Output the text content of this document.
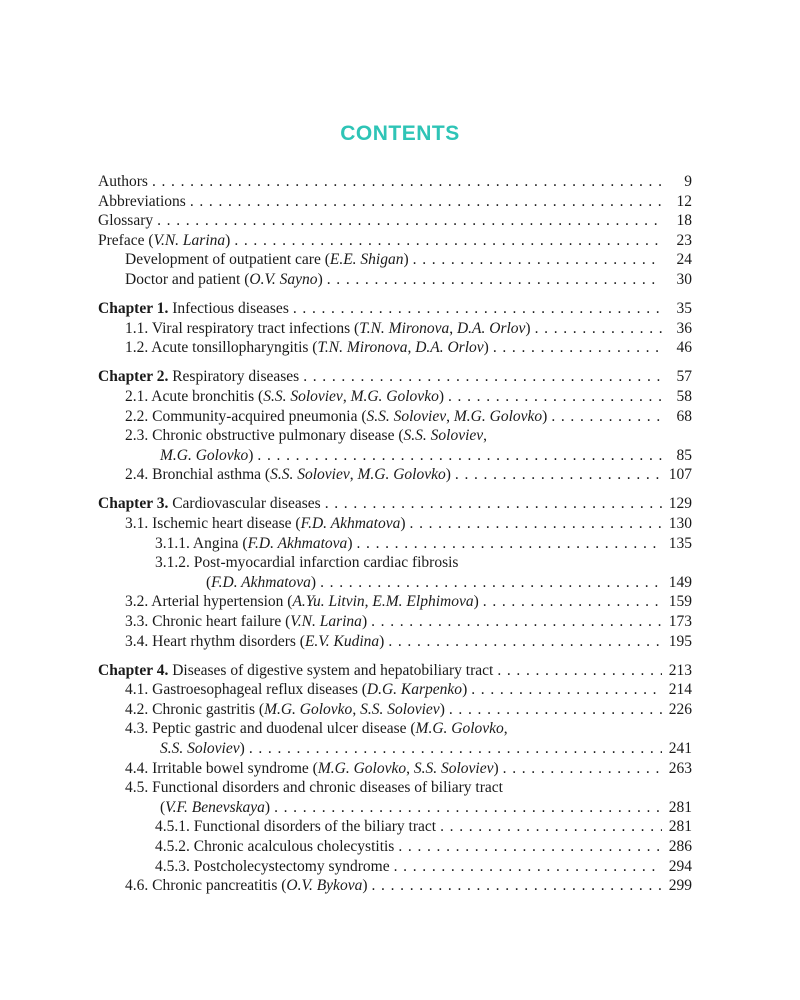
CONTENTS
Authors . . .	9
Abbreviations . . .	12
Glossary . . .	18
Preface (V.N. Larina) . . .	23
Development of outpatient care (E.E. Shigan) . . .	24
Doctor and patient (O.V. Sayno) . . .	30
Chapter 1. Infectious diseases . . .	35
1.1. Viral respiratory tract infections (T.N. Mironova, D.A. Orlov) . . .	36
1.2. Acute tonsillopharyngitis (T.N. Mironova, D.A. Orlov) . . .	46
Chapter 2. Respiratory diseases . . .	57
2.1. Acute bronchitis (S.S. Soloviev, M.G. Golovko) . . .	58
2.2. Community-acquired pneumonia (S.S. Soloviev, M.G. Golovko) . . .	68
2.3. Chronic obstructive pulmonary disease (S.S. Soloviev,
M.G. Golovko) . . .	85
2.4. Bronchial asthma (S.S. Soloviev, M.G. Golovko) . . .	107
Chapter 3. Cardiovascular diseases . . .	129
3.1. Ischemic heart disease (F.D. Akhmatova) . . .	130
3.1.1. Angina (F.D. Akhmatova) . . .	135
3.1.2. Post-myocardial infarction cardiac fibrosis
(F.D. Akhmatova) . . .	149
3.2. Arterial hypertension (A.Yu. Litvin, E.M. Elphimova) . . .	159
3.3. Chronic heart failure (V.N. Larina) . . .	173
3.4. Heart rhythm disorders (E.V. Kudina) . . .	195
Chapter 4. Diseases of digestive system and hepatobiliary tract . . .	213
4.1. Gastroesophageal reflux diseases (D.G. Karpenko) . . .	214
4.2. Chronic gastritis (M.G. Golovko, S.S. Soloviev) . . .	226
4.3. Peptic gastric and duodenal ulcer disease (M.G. Golovko,
S.S. Soloviev) . . .	241
4.4. Irritable bowel syndrome (M.G. Golovko, S.S. Soloviev) . . .	263
4.5. Functional disorders and chronic diseases of biliary tract
(V.F. Benevskaya) . . .	281
4.5.1. Functional disorders of the biliary tract . . .	281
4.5.2. Chronic acalculous cholecystitis . . .	286
4.5.3. Postcholecystectomy syndrome . . .	294
4.6. Chronic pancreatitis (O.V. Bykova) . . .	299
